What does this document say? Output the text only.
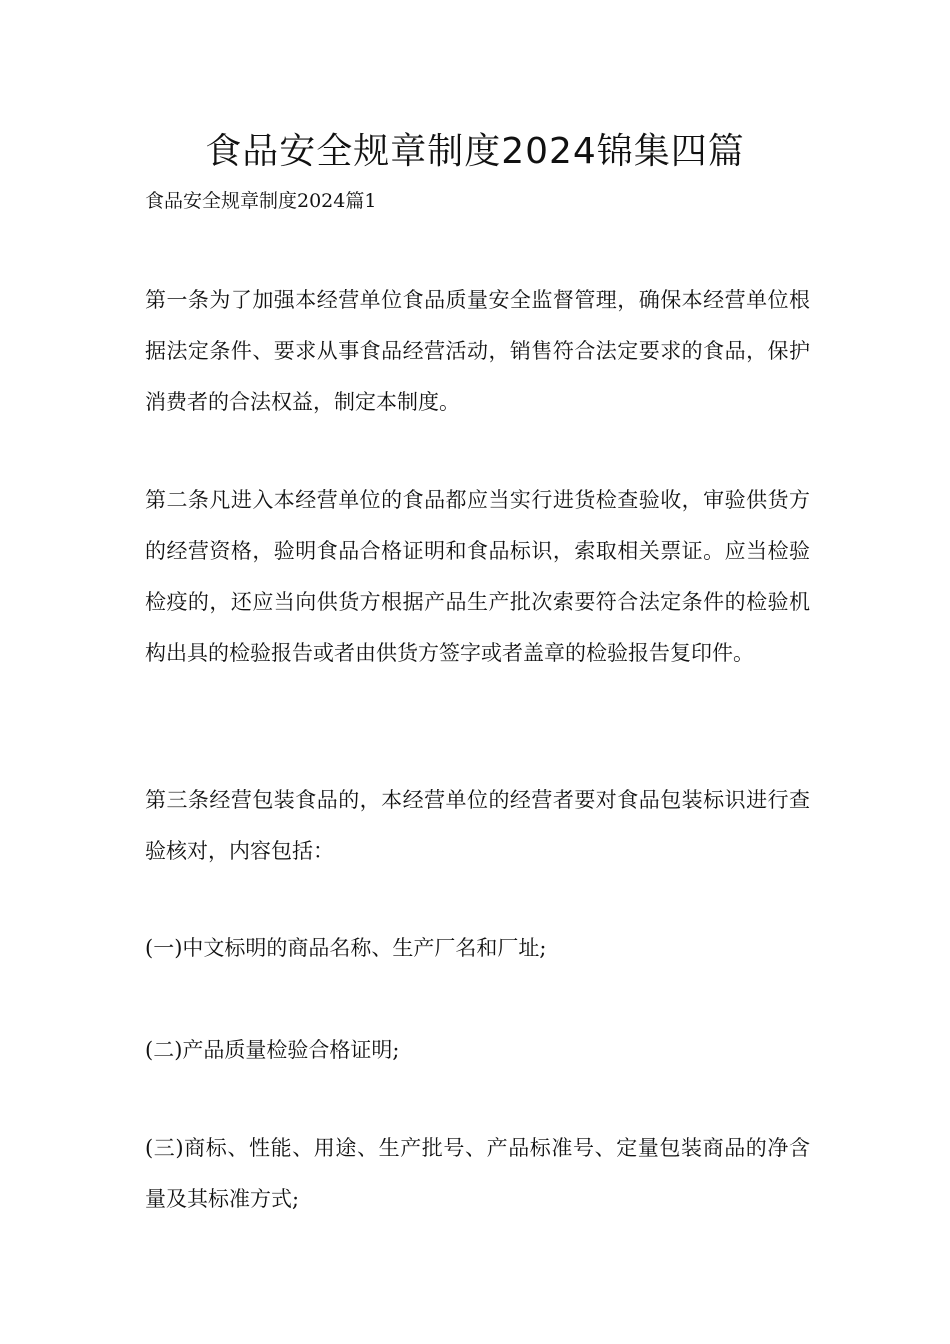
食品安全规章制度2024锦集四篇
食品安全规章制度2024篇1

第一条为了加强本经营单位食品质量安全监督管理，确保本经营单位根据法定条件、要求从事食品经营活动，销售符合法定要求的食品，保护消费者的合法权益，制定本制度。

第二条凡进入本经营单位的食品都应当实行进货检查验收，审验供货方的经营资格，验明食品合格证明和食品标识，索取相关票证。应当检验检疫的，还应当向供货方根据产品生产批次索要符合法定条件的检验机构出具的检验报告或者由供货方签字或者盖章的检验报告复印件。

第三条经营包装食品的，本经营单位的经营者要对食品包装标识进行查验核对，内容包括：

(一)中文标明的商品名称、生产厂名和厂址;

(二)产品质量检验合格证明;

(三)商标、性能、用途、生产批号、产品标准号、定量包装商品的净含量及其标准方式;
